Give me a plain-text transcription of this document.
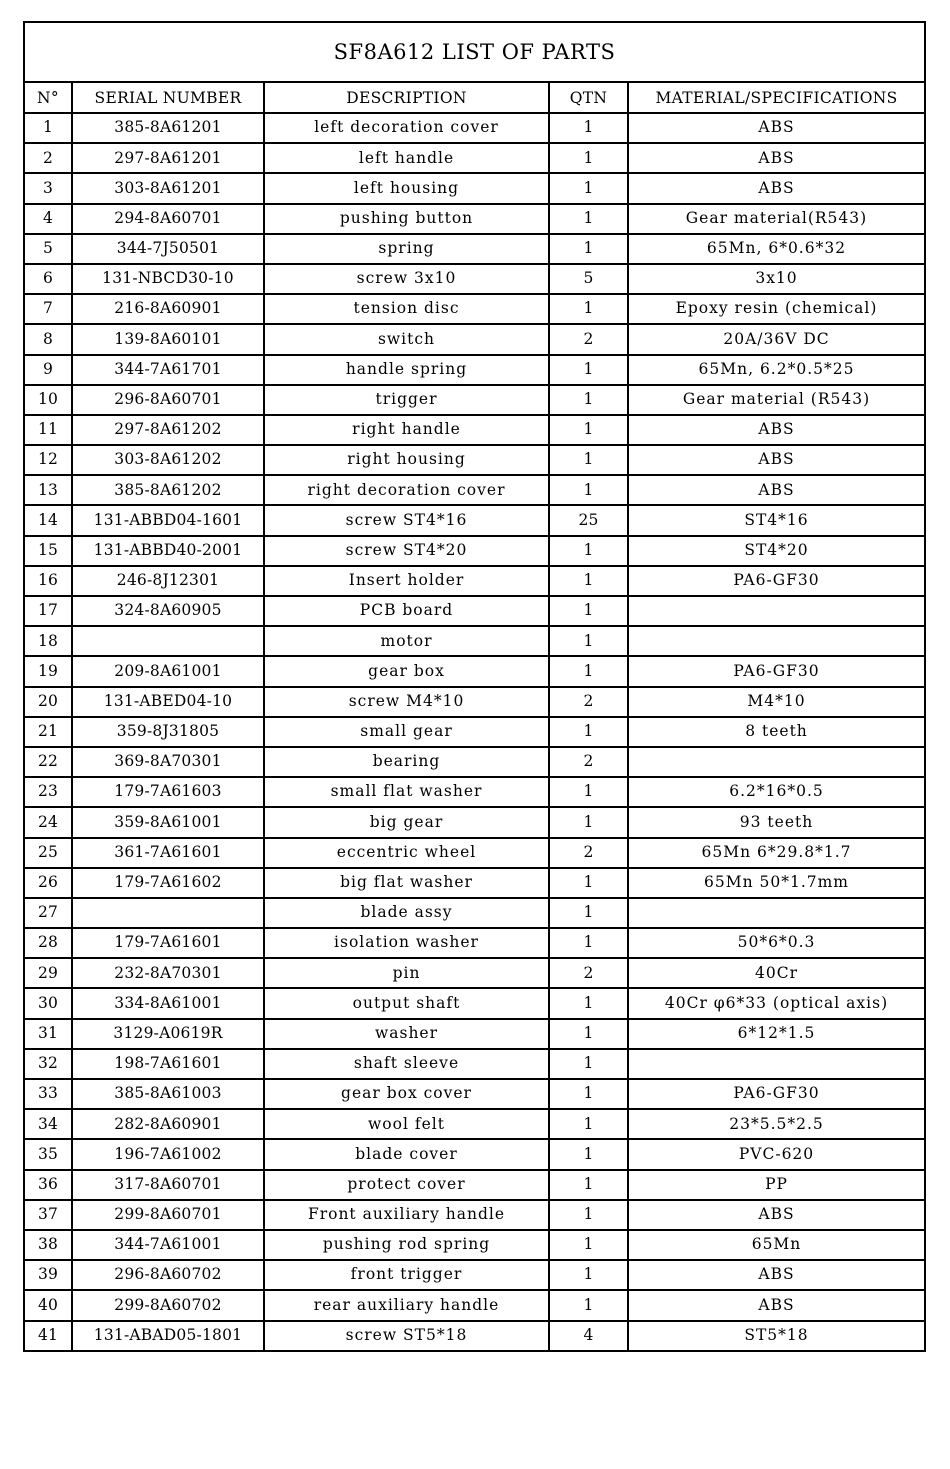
SF8A612 LIST OF PARTS
N°	SERIAL NUMBER	DESCRIPTION	QTN	MATERIAL/SPECIFICATIONS
1	385-8A61201	left decoration cover	1	ABS
2	297-8A61201	left handle	1	ABS
3	303-8A61201	left housing	1	ABS
4	294-8A60701	pushing button	1	Gear material(R543)
5	344-7J50501	spring	1	65Mn, 6*0.6*32
6	131-NBCD30-10	screw 3x10	5	3x10
7	216-8A60901	tension disc	1	Epoxy resin (chemical)
8	139-8A60101	switch	2	20A/36V DC
9	344-7A61701	handle spring	1	65Mn, 6.2*0.5*25
10	296-8A60701	trigger	1	Gear material (R543)
11	297-8A61202	right handle	1	ABS
12	303-8A61202	right housing	1	ABS
13	385-8A61202	right decoration cover	1	ABS
14	131-ABBD04-1601	screw ST4*16	25	ST4*16
15	131-ABBD40-2001	screw ST4*20	1	ST4*20
16	246-8J12301	Insert holder	1	PA6-GF30
17	324-8A60905	PCB board	1	
18		motor	1	
19	209-8A61001	gear box	1	PA6-GF30
20	131-ABED04-10	screw M4*10	2	M4*10
21	359-8J31805	small gear	1	8 teeth
22	369-8A70301	bearing	2	
23	179-7A61603	small flat washer	1	6.2*16*0.5
24	359-8A61001	big gear	1	93 teeth
25	361-7A61601	eccentric wheel	2	65Mn 6*29.8*1.7
26	179-7A61602	big flat washer	1	65Mn 50*1.7mm
27		blade assy	1	
28	179-7A61601	isolation washer	1	50*6*0.3
29	232-8A70301	pin	2	40Cr
30	334-8A61001	output shaft	1	40Cr φ6*33 (optical axis)
31	3129-A0619R	washer	1	6*12*1.5
32	198-7A61601	shaft sleeve	1	
33	385-8A61003	gear box cover	1	PA6-GF30
34	282-8A60901	wool felt	1	23*5.5*2.5
35	196-7A61002	blade cover	1	PVC-620
36	317-8A60701	protect cover	1	PP
37	299-8A60701	Front auxiliary handle	1	ABS
38	344-7A61001	pushing rod spring	1	65Mn
39	296-8A60702	front trigger	1	ABS
40	299-8A60702	rear auxiliary handle	1	ABS
41	131-ABAD05-1801	screw ST5*18	4	ST5*18
